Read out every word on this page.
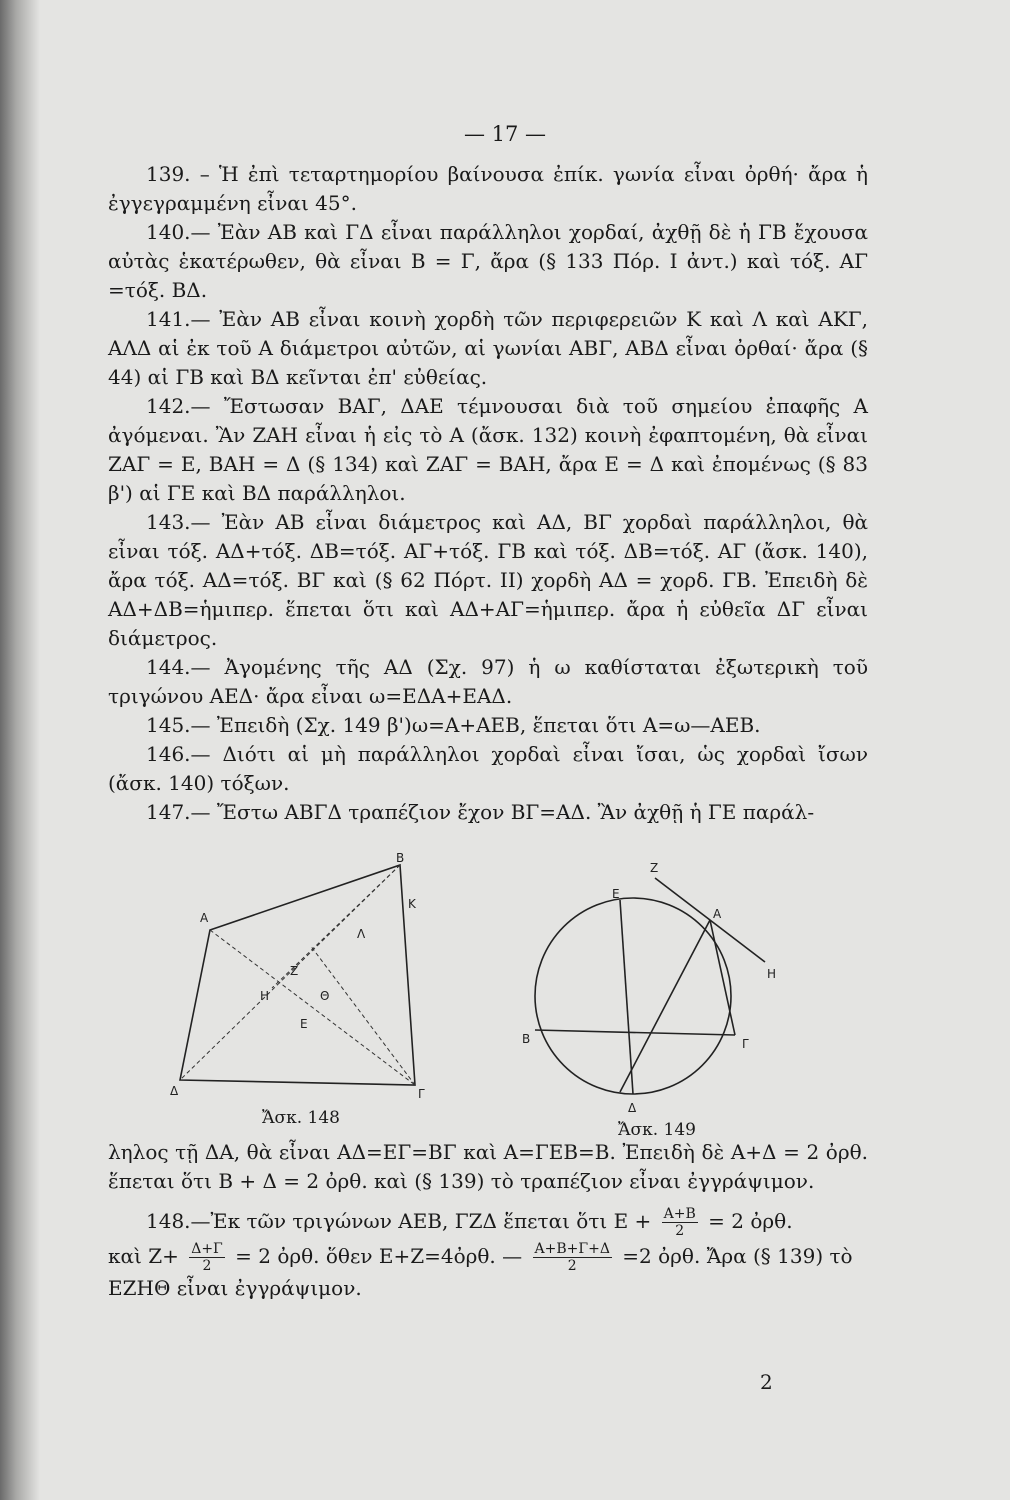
— 17 —

139. – Ἡ ἐπὶ τεταρτημορίου βαίνουσα ἐπίκ. γωνία εἶναι ὀρθή· ἄρα ἡ ἐγγεγραμμένη εἶναι 45°.

140.— Ἐὰν ΑΒ καὶ ΓΔ εἶναι παράλληλοι χορδαί, ἀχθῇ δὲ ἡ ΓΒ ἔχουσα αὐτὰς ἑκατέρωθεν, θὰ εἶναι Β = Γ, ἄρα (§ 133 Πόρ. Ι ἀντ.) καὶ τόξ. ΑΓ =τόξ. ΒΔ.

141.— Ἐὰν ΑΒ εἶναι κοινὴ χορδὴ τῶν περιφερειῶν Κ καὶ Λ καὶ ΑΚΓ, ΑΛΔ αἱ ἐκ τοῦ Α διάμετροι αὐτῶν, αἱ γωνίαι ΑΒΓ, ΑΒΔ εἶναι ὀρθαί· ἄρα (§ 44) αἱ ΓΒ καὶ ΒΔ κεῖνται ἐπ' εὐθείας.

142.— Ἔστωσαν ΒΑΓ, ΔΑΕ τέμνουσαι διὰ τοῦ σημείου ἐπαφῆς Α ἀγόμεναι. Ἂν ΖΑΗ εἶναι ἡ εἰς τὸ Α (ἄσκ. 132) κοινὴ ἐφαπτομένη, θὰ εἶναι ΖΑΓ = Ε, ΒΑΗ = Δ (§ 134) καὶ ΖΑΓ = ΒΑΗ, ἄρα Ε = Δ καὶ ἐπομένως (§ 83 β') αἱ ΓΕ καὶ ΒΔ παράλληλοι.

143.— Ἐὰν ΑΒ εἶναι διάμετρος καὶ ΑΔ, ΒΓ χορδαὶ παράλληλοι, θὰ εἶναι τόξ. ΑΔ+τόξ. ΔΒ=τόξ. ΑΓ+τόξ. ΓΒ καὶ τόξ. ΔΒ=τόξ. ΑΓ (ἄσκ. 140), ἄρα τόξ. ΑΔ=τόξ. ΒΓ καὶ (§ 62 Πόρτ. ΙΙ) χορδὴ ΑΔ = χορδ. ΓΒ. Ἐπειδὴ δὲ ΑΔ+ΔΒ=ἡμιπερ. ἕπεται ὅτι καὶ ΑΔ+ΑΓ=ἡμιπερ. ἄρα ἡ εὐθεῖα ΔΓ εἶναι διάμετρος.

144.— Ἀγομένης τῆς ΑΔ (Σχ. 97) ἡ ω καθίσταται ἐξωτερικὴ τοῦ τριγώνου ΑΕΔ· ἄρα εἶναι ω=ΕΔΑ+ΕΑΔ.

145.— Ἐπειδὴ (Σχ. 149 β')ω=Α+ΑΕΒ, ἕπεται ὅτι Α=ω—ΑΕΒ.

146.— Διότι αἱ μὴ παράλληλοι χορδαὶ εἶναι ἴσαι, ὡς χορδαὶ ἴσων (ἄσκ. 140) τόξων.

147.— Ἔστω ΑΒΓΔ τραπέζιον ἔχον ΒΓ=ΑΔ. Ἂν ἀχθῇ ἡ ΓΕ παράλ-

Β
Κ
Α
Λ
Ζ
Θ
Η
Ε
Δ	Γ
Ζ
Ε
Α
Η
Β	Γ
Δ
Ἄσκ. 148
Ἄσκ. 149

ληλος τῇ ΔΑ, θὰ εἶναι ΑΔ=ΕΓ=ΒΓ καὶ Α=ΓΕΒ=Β. Ἐπειδὴ δὲ Α+Δ = 2 ὀρθ. ἕπεται ὅτι Β + Δ = 2 ὀρθ. καὶ (§ 139) τὸ τραπέζιον εἶναι ἐγγράψιμον.

148.—Ἐκ τῶν τριγώνων ΑΕΒ, ΓΖΔ ἕπεται ὅτι $E + \frac{A+B}{2} = 2$ ὀρθ.
καὶ $Z+ \frac{\Delta+\Gamma}{2} = 2$ ὀρθ. ὅθεν Ε+Ζ=4ὀρθ. — $\frac{A+B+\Gamma+\Delta}{2} =2$ ὀρθ. Ἄρα (§ 139) τὸ ΕΖΗΘ εἶναι ἐγγράψιμον.
2
